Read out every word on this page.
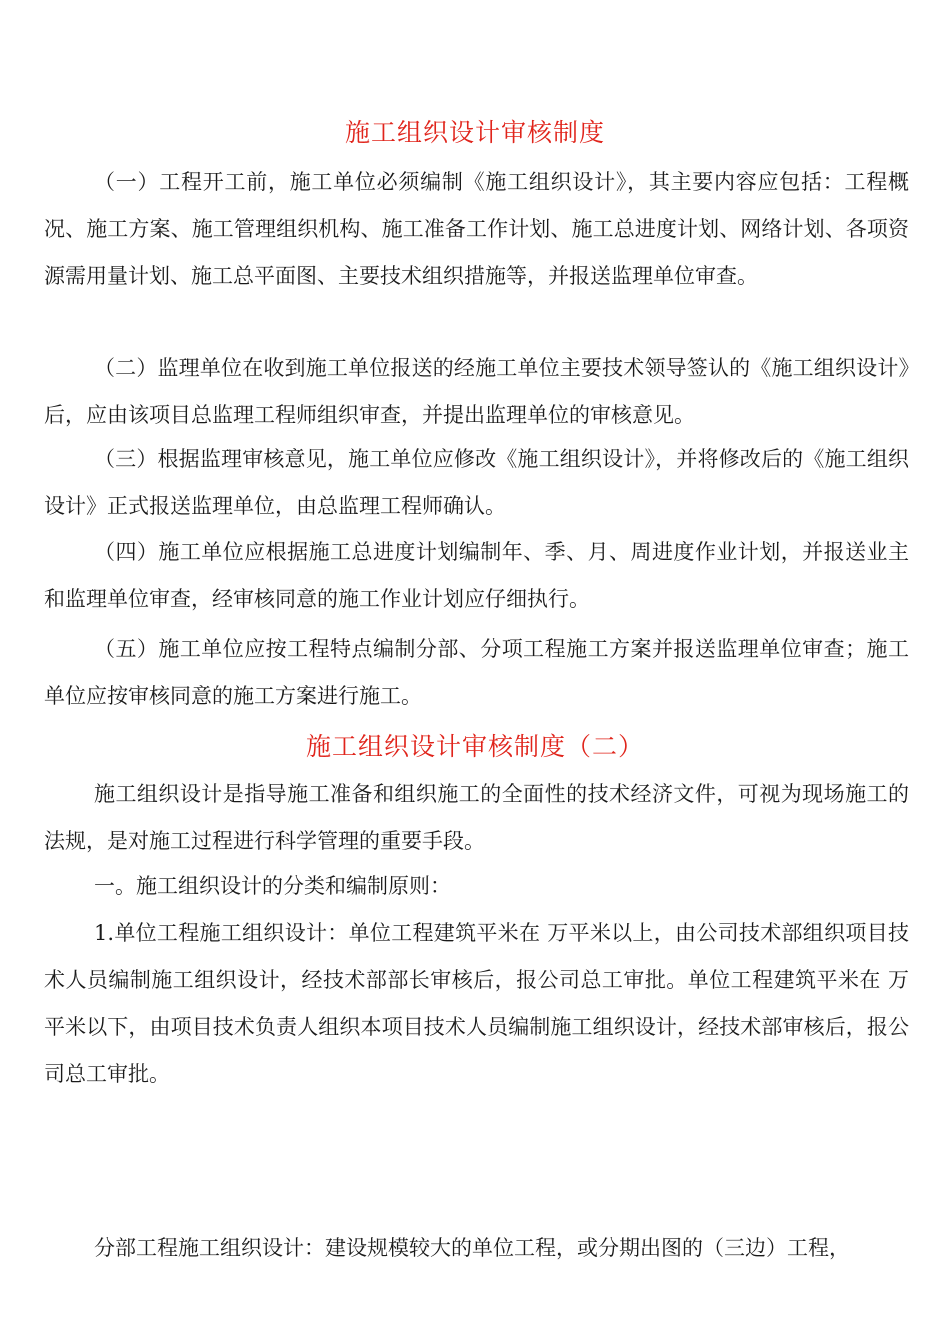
施工组织设计审核制度

（一）工程开工前，施工单位必须编制《施工组织设计》，其主要内容应包括：工程概况、施工方案、施工管理组织机构、施工准备工作计划、施工总进度计划、网络计划、各项资源需用量计划、施工总平面图、主要技术组织措施等，并报送监理单位审查。

（二）监理单位在收到施工单位报送的经施工单位主要技术领导签认的《施工组织设计》后，应由该项目总监理工程师组织审查，并提出监理单位的审核意见。

（三）根据监理审核意见，施工单位应修改《施工组织设计》，并将修改后的《施工组织设计》正式报送监理单位，由总监理工程师确认。

（四）施工单位应根据施工总进度计划编制年、季、月、周进度作业计划，并报送业主和监理单位审查，经审核同意的施工作业计划应仔细执行。

（五）施工单位应按工程特点编制分部、分项工程施工方案并报送监理单位审查；施工单位应按审核同意的施工方案进行施工。

施工组织设计审核制度（二）

施工组织设计是指导施工准备和组织施工的全面性的技术经济文件，可视为现场施工的法规，是对施工过程进行科学管理的重要手段。

一。施工组织设计的分类和编制原则：

1.单位工程施工组织设计：单位工程建筑平米在 万平米以上，由公司技术部组织项目技术人员编制施工组织设计，经技术部部长审核后，报公司总工审批。单位工程建筑平米在 万平米以下，由项目技术负责人组织本项目技术人员编制施工组织设计，经技术部审核后，报公司总工审批。

分部工程施工组织设计：建设规模较大的单位工程，或分期出图的（三边）工程，
